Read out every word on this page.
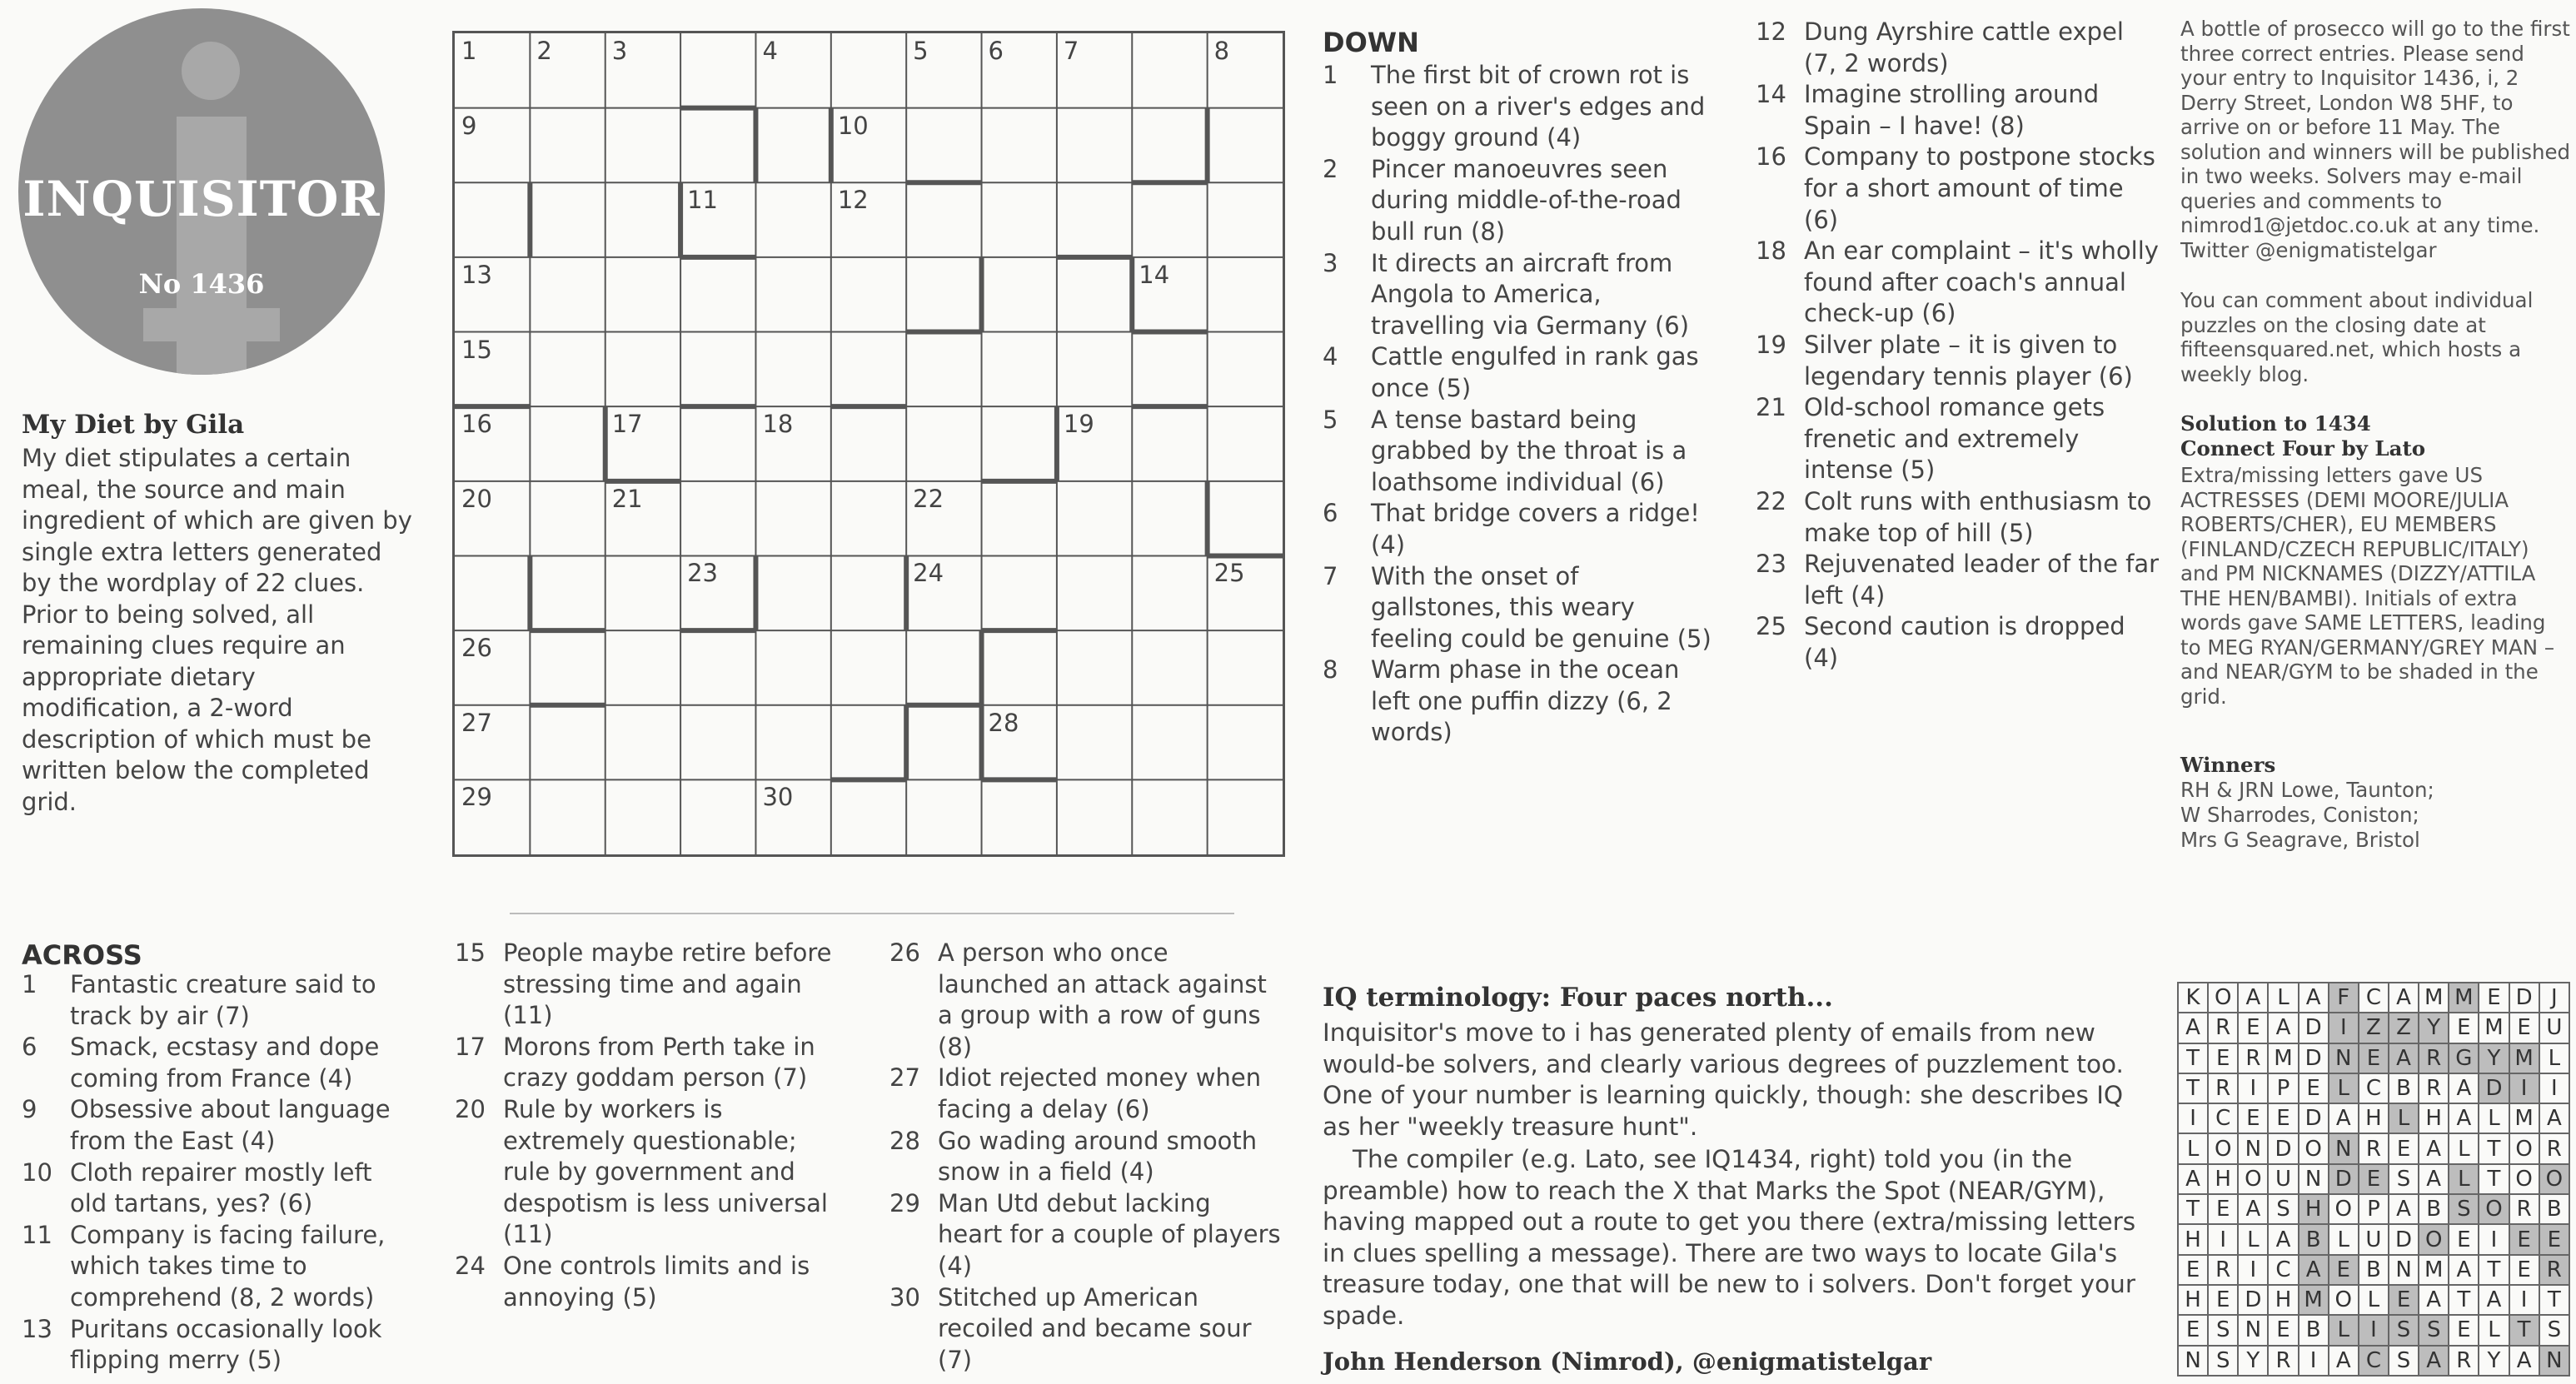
INQUISITOR
No 1436
My Diet by Gila
My diet stipulates a certain meal, the source and main ingredient of which are given by single extra letters generated by the wordplay of 22 clues. Prior to being solved, all remaining clues require an appropriate dietary modification, a 2-word description of which must be written below the completed grid.
1 2 3	4	5 6 7	8
9	10
11	12
13	14
15
16	17	18	19
20	21	22
23	24	25
26
27	28
29	30
DOWN
1 The first bit of crown rot is seen on a river's edges and boggy ground (4)
2 Pincer manoeuvres seen during middle-of-the-road bull run (8)
3 It directs an aircraft from Angola to America, travelling via Germany (6)
4 Cattle engulfed in rank gas once (5)
5 A tense bastard being grabbed by the throat is a loathsome individual (6)
6 That bridge covers a ridge! (4)
7 With the onset of gallstones, this weary feeling could be genuine (5)
8 Warm phase in the ocean left one puffin dizzy (6, 2 words)
12 Dung Ayrshire cattle expel (7, 2 words)
14 Imagine strolling around Spain – I have! (8)
16 Company to postpone stocks for a short amount of time (6)
18 An ear complaint – it's wholly found after coach's annual check-up (6)
19 Silver plate – it is given to legendary tennis player (6)
21 Old-school romance gets frenetic and extremely intense (5)
22 Colt runs with enthusiasm to make top of hill (5)
23 Rejuvenated leader of the far left (4)
25 Second caution is dropped (4)
ACROSS
1 Fantastic creature said to track by air (7)
6 Smack, ecstasy and dope coming from France (4)
9 Obsessive about language from the East (4)
10 Cloth repairer mostly left old tartans, yes? (6)
11 Company is facing failure, which takes time to comprehend (8, 2 words)
13 Puritans occasionally look flipping merry (5)
15 People maybe retire before stressing time and again (11)
17 Morons from Perth take in crazy goddam person (7)
20 Rule by workers is extremely questionable; rule by government and despotism is less universal (11)
24 One controls limits and is annoying (5)
26 A person who once launched an attack against a group with a row of guns (8)
27 Idiot rejected money when facing a delay (6)
28 Go wading around smooth snow in a field (4)
29 Man Utd debut lacking heart for a couple of players (4)
30 Stitched up American recoiled and became sour (7)
IQ terminology: Four paces north...
Inquisitor's move to i has generated plenty of emails from new would-be solvers, and clearly various degrees of puzzlement too. One of your number is learning quickly, though: she describes IQ as her "weekly treasure hunt".
The compiler (e.g. Lato, see IQ1434, right) told you (in the preamble) how to reach the X that Marks the Spot (NEAR/GYM), having mapped out a route to get you there (extra/missing letters in clues spelling a message). There are two ways to locate Gila's treasure today, one that will be new to i solvers. Don't forget your spade.
John Henderson (Nimrod), @enigmatistelgar
A bottle of prosecco will go to the first three correct entries. Please send your entry to Inquisitor 1436, i, 2 Derry Street, London W8 5HF, to arrive on or before 11 May. The solution and winners will be published in two weeks. Solvers may e-mail queries and comments to nimrod1@jetdoc.co.uk at any time. Twitter @enigmatistelgar
You can comment about individual puzzles on the closing date at fifteensquared.net, which hosts a weekly blog.
Solution to 1434
Connect Four by Lato
Extra/missing letters gave US ACTRESSES (DEMI MOORE/JULIA ROBERTS/CHER), EU MEMBERS (FINLAND/CZECH REPUBLIC/ITALY) and PM NICKNAMES (DIZZY/ATTILA THE HEN/BAMBI). Initials of extra words gave SAME LETTERS, leading to MEG RYAN/GERMANY/GREY MAN – and NEAR/GYM to be shaded in the grid.
Winners
RH & JRN Lowe, Taunton;
W Sharrodes, Coniston;
Mrs G Seagrave, Bristol
K	O	A	L	A	F	C	A	M	M	E	D	J
A	R	E	A	D	I	Z	Z	Y	E	M	E	U
T	E	R	M	D	N	E	A	R	G	Y	M	L
T	R	I	P	E	L	C	B	R	A	D	I	I
I	C	E	E	D	A	H	L	H	A	L	M	A
L	O	N	D	O	N	R	E	A	L	T	O	R
A	H	O	U	N	D	E	S	A	L	T	O	O
T	E	A	S	H	O	P	A	B	S	O	R	B
H	I	L	A	B	L	U	D	O	E	I	E	E
E	R	I	C	A	E	B	N	M	A	T	E	R
H	E	D	H	M	O	L	E	A	T	A	I	T
E	S	N	E	B	L	I	S	S	E	L	T	S
N	S	Y	R	I	A	C	S	A	R	Y	A	N
